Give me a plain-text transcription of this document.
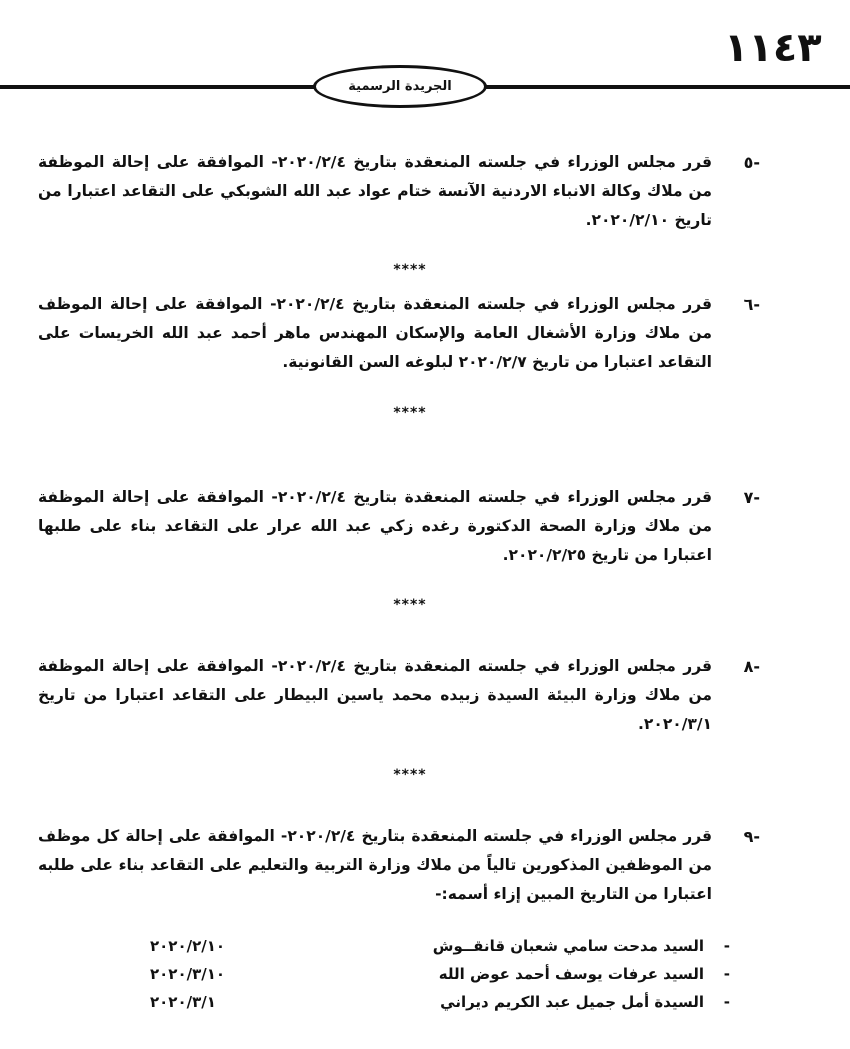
١١٤٣
الجريدة الرسمية
-٥
قرر مجلس الوزراء في جلسته المنعقدة بتاريخ ٢٠٢٠/٢/٤- الموافقة على إحالة الموظفة من ملاك وكالة الانباء الاردنية الآنسة ختام عواد عبد الله الشوبكي على التقاعد اعتبارا من تاريخ ٢٠٢٠/٢/١٠.
****
-٦
قرر مجلس الوزراء في جلسته المنعقدة بتاريخ ٢٠٢٠/٢/٤- الموافقة على إحالة الموظف من ملاك وزارة الأشغال العامة والإسكان المهندس ماهر أحمد عبد الله الخريسات على التقاعد اعتبارا من تاريخ ٢٠٢٠/٢/٧ لبلوغه السن القانونية.
****
-٧
قرر مجلس الوزراء في جلسته المنعقدة بتاريخ ٢٠٢٠/٢/٤- الموافقة على إحالة الموظفة من ملاك وزارة الصحة الدكتورة رغده زكي عبد الله عرار على التقاعد بناء على طلبها اعتبارا من تاريخ ٢٠٢٠/٢/٢٥.
****
-٨
قرر مجلس الوزراء في جلسته المنعقدة بتاريخ ٢٠٢٠/٢/٤- الموافقة على إحالة الموظفة من ملاك وزارة البيئة السيدة زبيده محمد ياسين البيطار على التقاعد اعتبارا من تاريخ ٢٠٢٠/٣/١.
****
-٩
قرر مجلس الوزراء في جلسته المنعقدة بتاريخ ٢٠٢٠/٢/٤- الموافقة على إحالة كل موظف من الموظفين المذكورين تالياً من ملاك وزارة التربية والتعليم على التقاعد بناء على طلبه اعتبارا من التاريخ المبين إزاء أسمه:-
-
السيد مدحت سامي شعبان قانقــوش
٢٠٢٠/٢/١٠
-
السيد عرفات يوسف أحمد عوض الله
٢٠٢٠/٣/١٠
-
السيدة أمل جميل عبد الكريم ديراني
٢٠٢٠/٣/١
